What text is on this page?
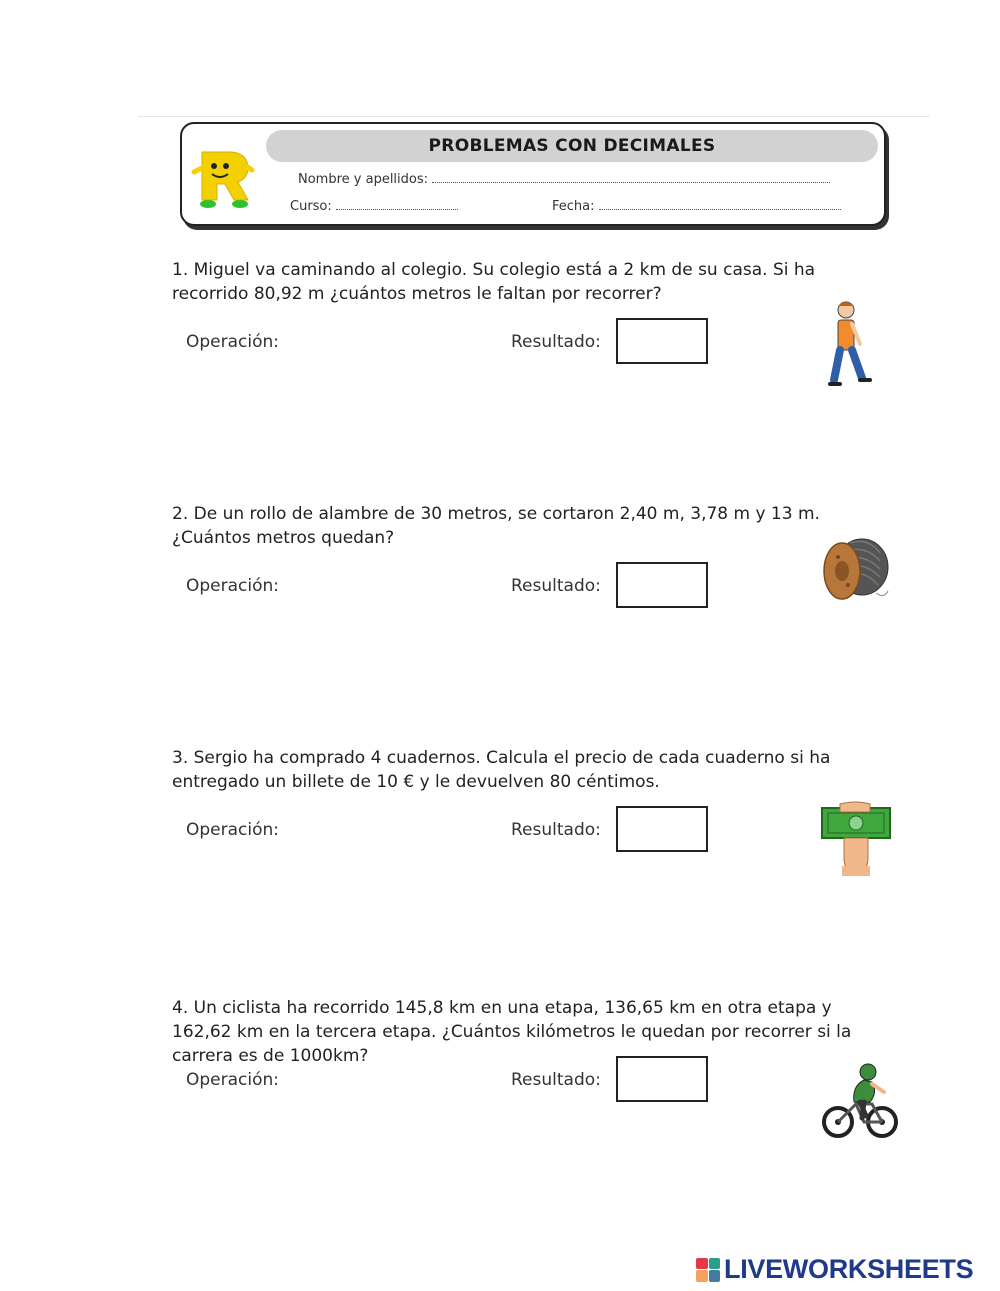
PROBLEMAS CON DECIMALES
Nombre y apellidos:
Curso:	Fecha:

1. Miguel va caminando al colegio. Su colegio está a 2 km de su casa. Si ha recorrido 80,92 m ¿cuántos metros le faltan por recorrer?

Operación:	Resultado:

2. De un rollo de alambre de 30 metros, se cortaron 2,40 m, 3,78 m y 13 m. ¿Cuántos metros quedan?

Operación:	Resultado:

3. Sergio ha comprado 4 cuadernos. Calcula el precio de cada cuaderno si ha entregado un billete de 10 € y le devuelven 80 céntimos.

Operación:	Resultado:

4. Un ciclista ha recorrido 145,8 km en una etapa, 136,65 km en otra etapa y 162,62 km en la tercera etapa. ¿Cuántos kilómetros le quedan por recorrer si la carrera es de 1000km?

Operación:	Resultado:
LIVEWORKSHEETS
